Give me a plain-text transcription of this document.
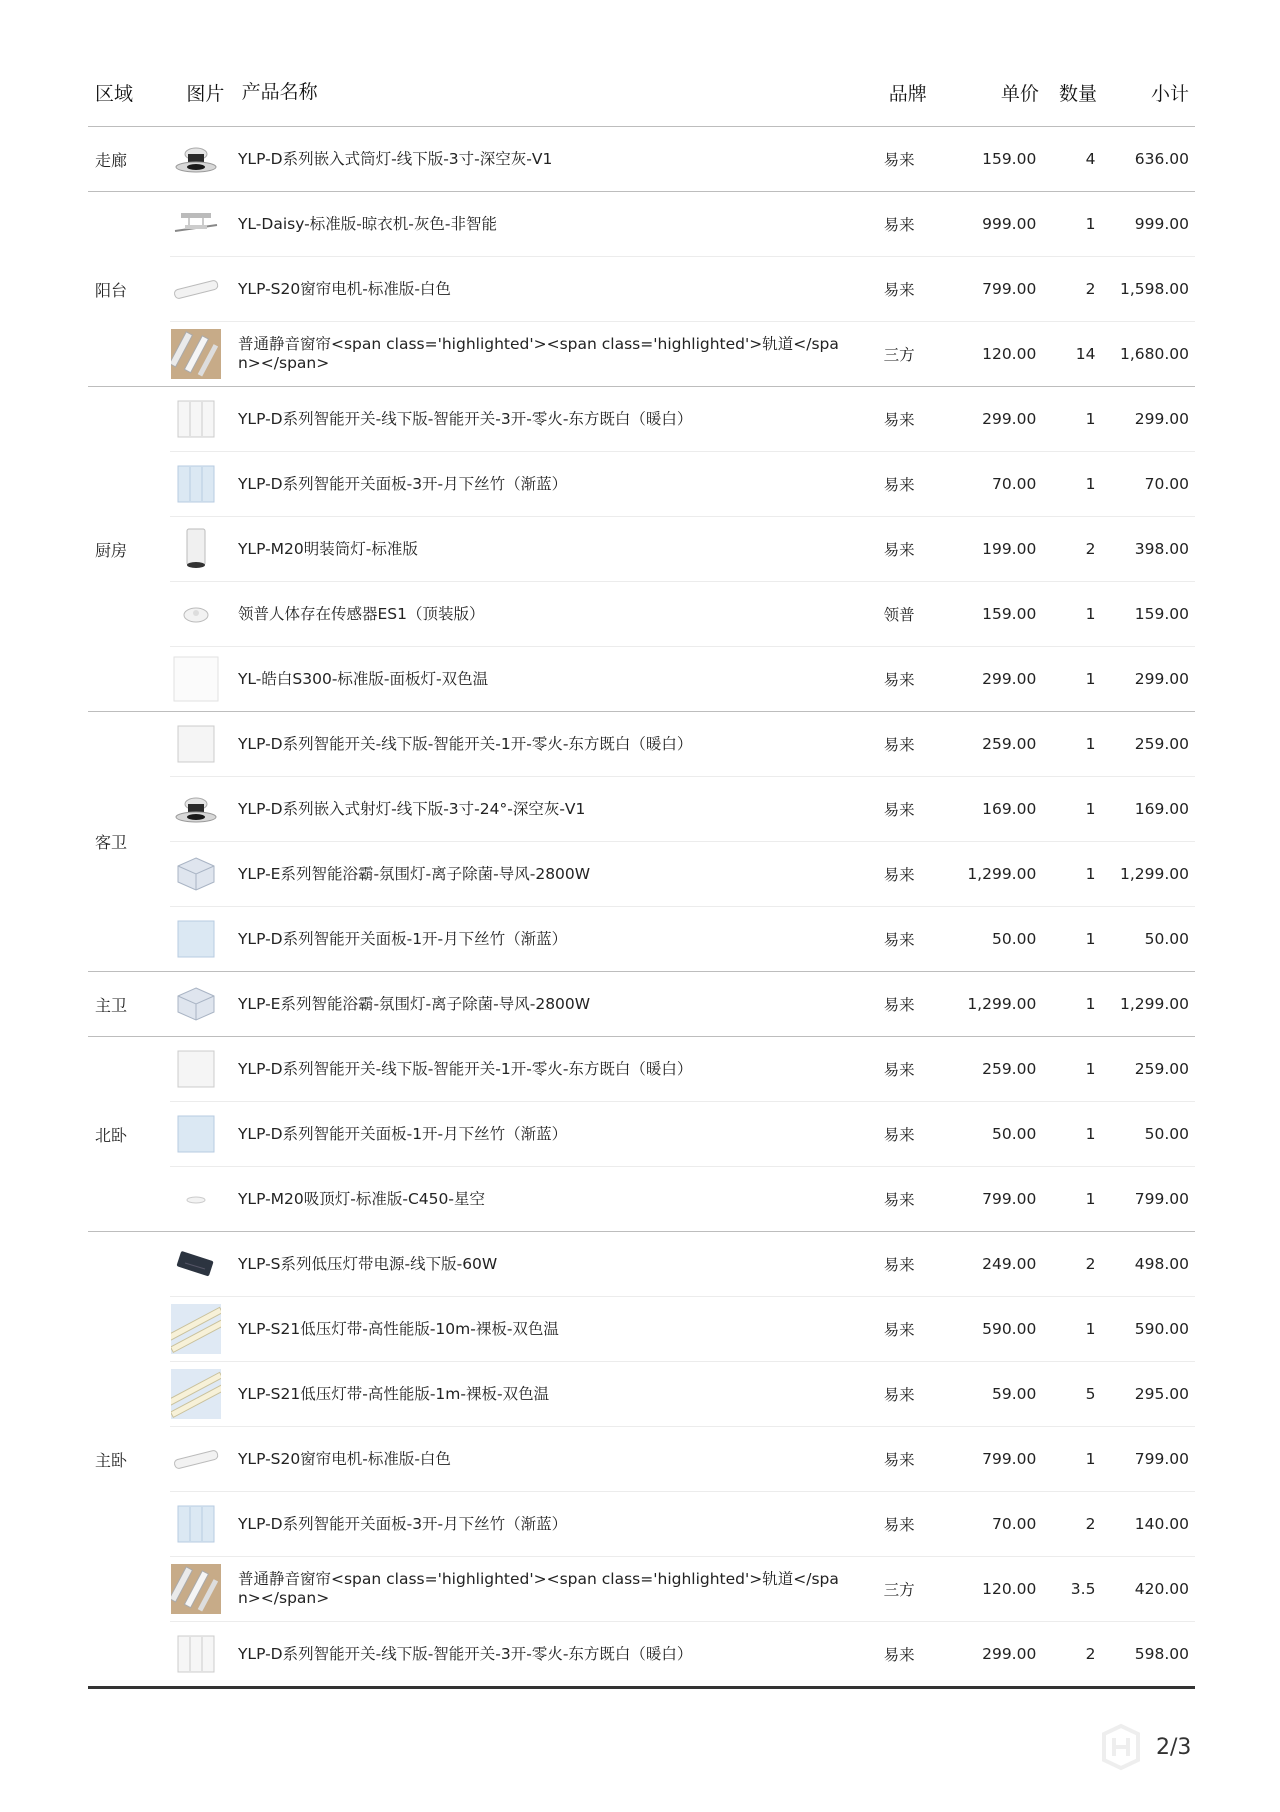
区域	图片 产品名称	品牌	单价	数量	小计
走廊	YLP-D系列嵌入式筒灯-线下版-3寸-深空灰-V1	易来	159.00	4	636.00
阳台
YL-Daisy-标准版-晾衣机-灰色-非智能	易来	999.00	1	999.00
YLP-S20窗帘电机-标准版-白色	易来	799.00	2	1,598.00
普通静音窗帘<span class='highlighted'><span class='highlighted'>轨道</span></span>	三方	120.00	14	1,680.00
厨房
YLP-D系列智能开关-线下版-智能开关-3开-零火-东方既白（暖白）	易来	299.00	1	299.00
YLP-D系列智能开关面板-3开-月下丝竹（渐蓝）	易来	70.00	1	70.00
YLP-M20明装筒灯-标准版	易来	199.00	2	398.00
领普人体存在传感器ES1（顶装版）	领普	159.00	1	159.00
YL-皓白S300-标准版-面板灯-双色温	易来	299.00	1	299.00
客卫
YLP-D系列智能开关-线下版-智能开关-1开-零火-东方既白（暖白）	易来	259.00	1	259.00
YLP-D系列嵌入式射灯-线下版-3寸-24°-深空灰-V1	易来	169.00	1	169.00
YLP-E系列智能浴霸-氛围灯-离子除菌-导风-2800W	易来	1,299.00	1	1,299.00
YLP-D系列智能开关面板-1开-月下丝竹（渐蓝）	易来	50.00	1	50.00
主卫	YLP-E系列智能浴霸-氛围灯-离子除菌-导风-2800W	易来	1,299.00	1	1,299.00
北卧
YLP-D系列智能开关-线下版-智能开关-1开-零火-东方既白（暖白）	易来	259.00	1	259.00
YLP-D系列智能开关面板-1开-月下丝竹（渐蓝）	易来	50.00	1	50.00
YLP-M20吸顶灯-标准版-C450-星空	易来	799.00	1	799.00
主卧
YLP-S系列低压灯带电源-线下版-60W	易来	249.00	2	498.00
YLP-S21低压灯带-高性能版-10m-裸板-双色温	易来	590.00	1	590.00
YLP-S21低压灯带-高性能版-1m-裸板-双色温	易来	59.00	5	295.00
YLP-S20窗帘电机-标准版-白色	易来	799.00	1	799.00
YLP-D系列智能开关面板-3开-月下丝竹（渐蓝）	易来	70.00	2	140.00
普通静音窗帘<span class='highlighted'><span class='highlighted'>轨道</span></span>	三方	120.00	3.5	420.00
YLP-D系列智能开关-线下版-智能开关-3开-零火-东方既白（暖白）	易来	299.00	2	598.00
2/3
